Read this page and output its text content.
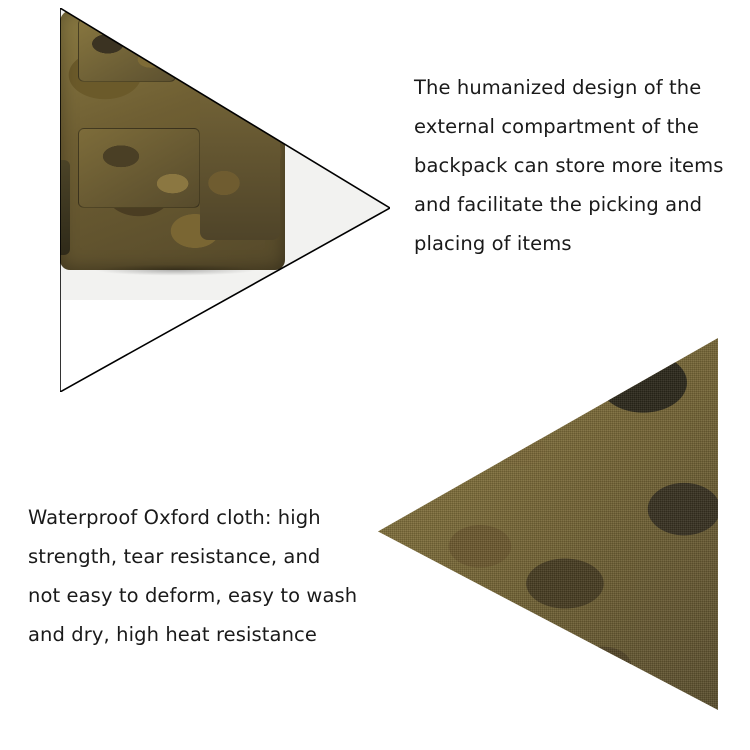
The humanized design of the external compartment of the backpack can store more items and facilitate the picking and placing of items

Waterproof Oxford cloth: high strength, tear resistance, and not easy to deform, easy to wash and dry, high heat resistance
